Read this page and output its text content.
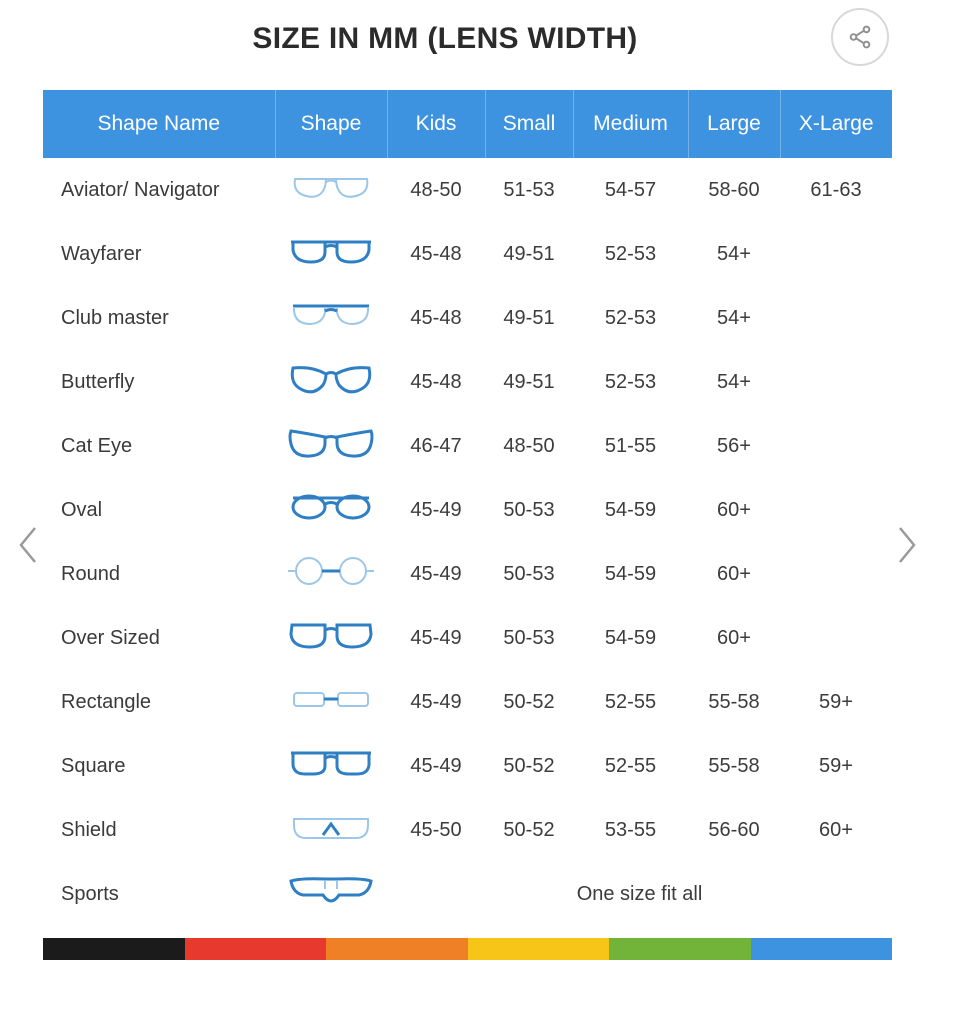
SIZE IN MM (LENS WIDTH)
Shape Name	Shape	Kids	Small	Medium	Large	X-Large
Aviator/ Navigator		48-50	51-53	54-57	58-60	61-63
Wayfarer		45-48	49-51	52-53	54+	
Club master		45-48	49-51	52-53	54+	
Butterfly		45-48	49-51	52-53	54+	
Cat Eye		46-47	48-50	51-55	56+	
Oval		45-49	50-53	54-59	60+	
Round		45-49	50-53	54-59	60+	
Over Sized		45-49	50-53	54-59	60+	
Rectangle		45-49	50-52	52-55	55-58	59+
Square		45-49	50-52	52-55	55-58	59+
Shield		45-50	50-52	53-55	56-60	60+
Sports		One size fit all				
